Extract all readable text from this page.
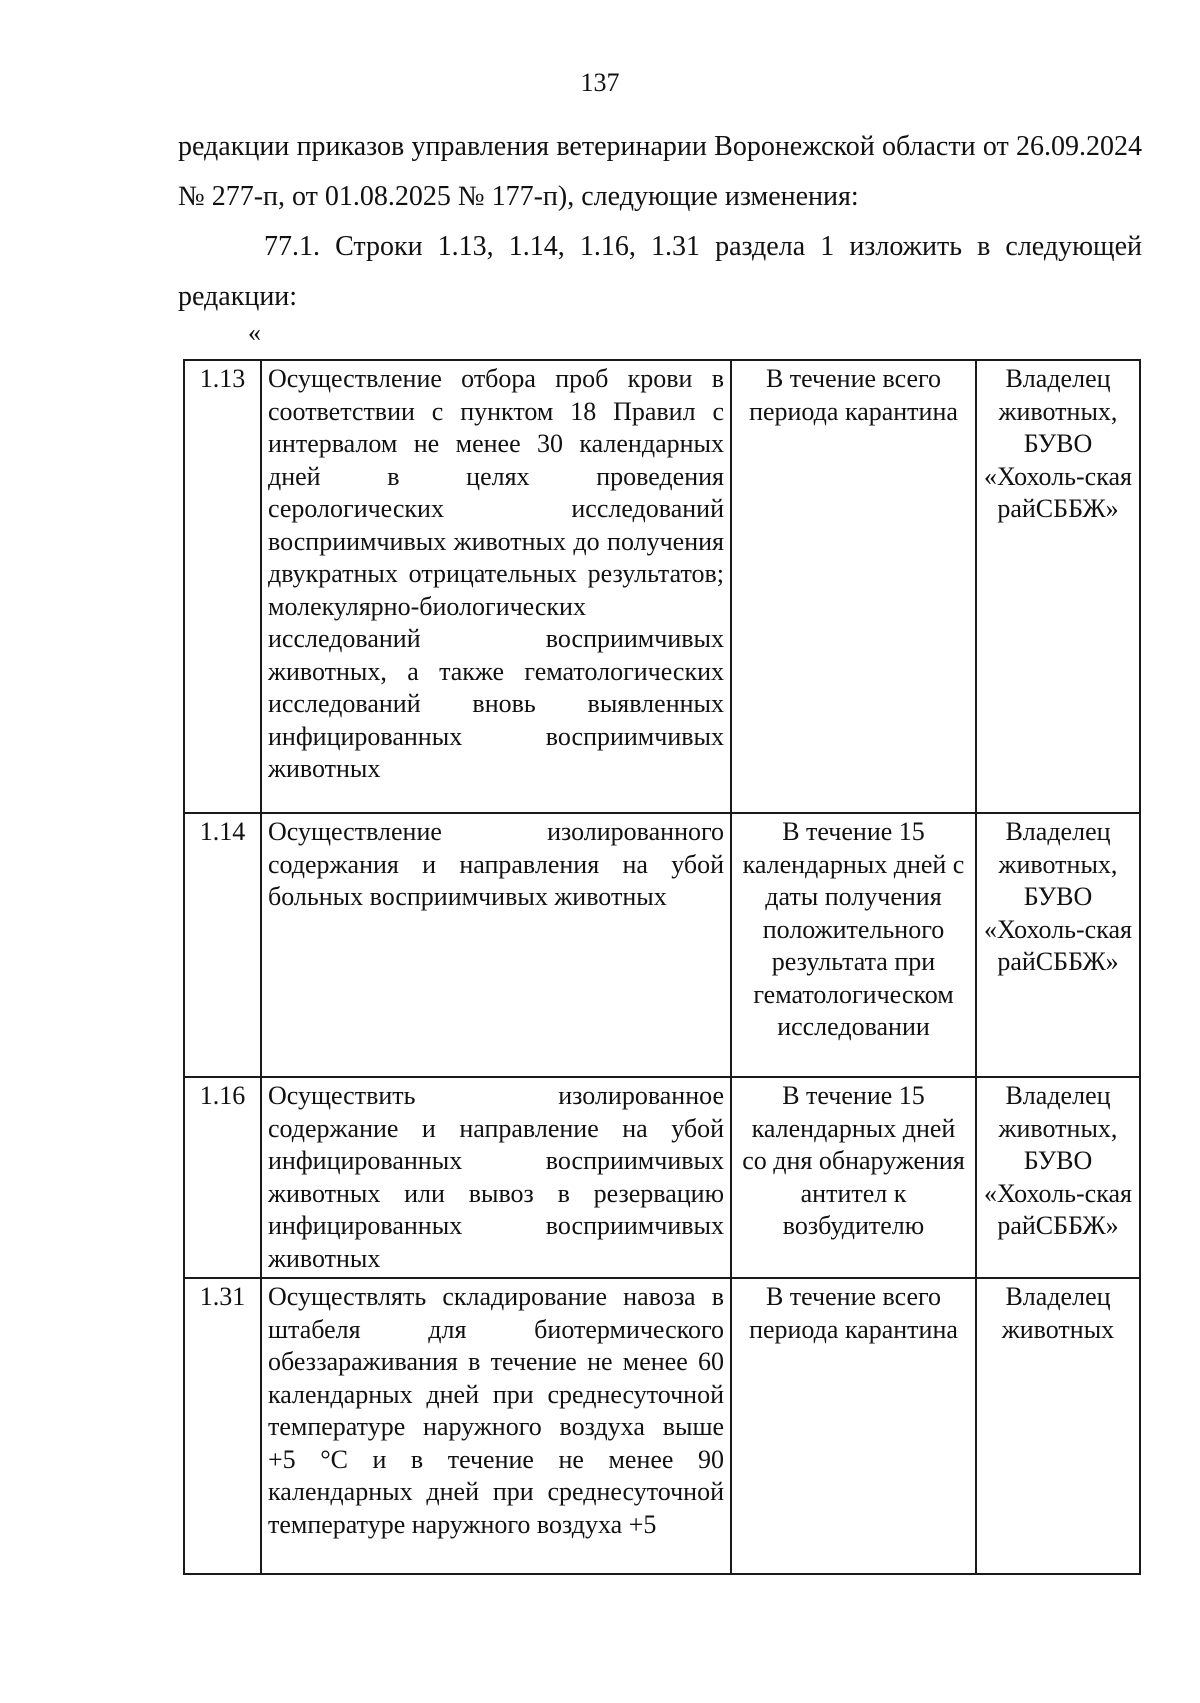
137
редакции приказов управления ветеринарии Воронежской области от 26.09.2024 № 277-п, от 01.08.2025 № 177-п), следующие изменения:
77.1. Строки 1.13, 1.14, 1.16, 1.31 раздела 1 изложить в следующей редакции:
«
1.13	Осуществление отбора проб крови в соответствии с пунктом 18 Правил с интервалом не менее 30 календарных дней в целях проведения серологических исследований восприимчивых животных до получения двукратных отрицательных результатов; молекулярно-биологических исследований восприимчивых животных, а также гематологических исследований вновь выявленных инфицированных восприимчивых животных	В течение всего периода карантина	Владелец животных, БУВО «Хохоль-ская райСББЖ»
1.14	Осуществление изолированного содержания и направления на убой больных восприимчивых животных	В течение 15 календарных дней с даты получения положительного результата при гематологическом исследовании	Владелец животных, БУВО «Хохоль-ская райСББЖ»
1.16	Осуществить изолированное содержание и направление на убой инфицированных восприимчивых животных или вывоз в резервацию инфицированных восприимчивых животных	В течение 15 календарных дней со дня обнаружения антител к возбудителю	Владелец животных, БУВО «Хохоль-ская райСББЖ»
1.31	Осуществлять складирование навоза в штабеля для биотермического обеззараживания в течение не менее 60 календарных дней при среднесуточной температуре наружного воздуха выше +5 °С и в течение не менее 90 календарных дней при среднесуточной температуре наружного воздуха +5	В течение всего периода карантина	Владелец животных
